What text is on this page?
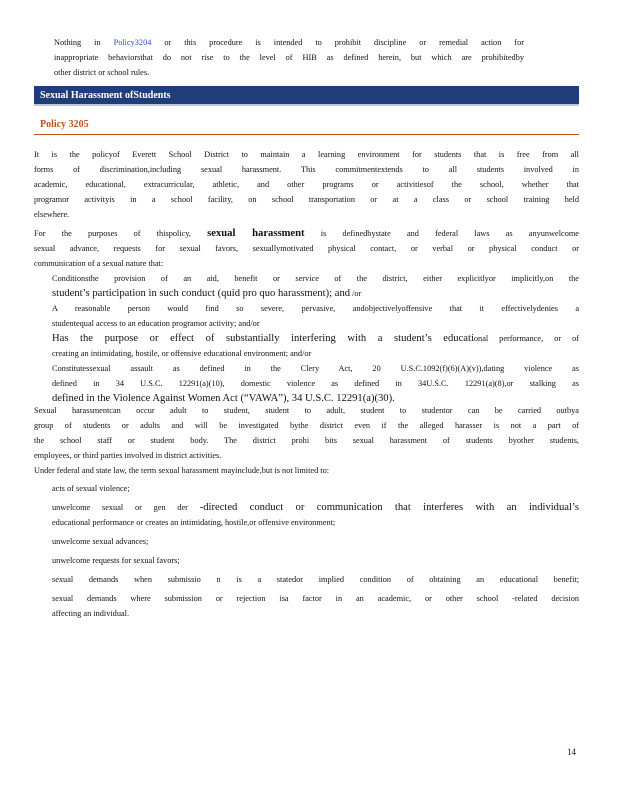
Nothing in Policy3204 or this procedure is intended to prohibit discipline or remedial action for

inappropriate behaviorsthat do not rise to the level of HIB as defined herein, but which are prohibitedby

other district or school rules.

Sexual Harassment ofStudents
Policy 3205

It is the policyof Everett School District to maintain a learning environment for students that is free from all

forms of discrimination,including sexual harassment. This commitmentextends to all students involved in

academic, educational, extracurricular, athletic, and other programs or activitiesof the school, whether that

programor activityis in a school facility, on school transportation or at a class or school training held

elsewhere.

For the purposes of thispolicy, sexual harassment is definedbystate and federal laws as anyunwelcome

sexual advance, requests for sexual favors, sexuallymotivated physical contact, or verbal or physical conduct or

communication of a sexual nature that:

Conditionsthe provision of an aid, benefit or service of the district, either explicitlyor implicitly,on the

student’s participation in such conduct (quid pro quo harassment); and /or

A reasonable person would find so severe, pervasive, andobjectivelyoffensive that it effectivelydenies a

studentequal access to an education programor activity; and/or

Has the purpose or effect of substantially interfering with a student’s educational performance, or of

creating an intimidating, hostile, or offensive educational environment; and/or

Constitutessexual assault as defined in the Clery Act, 20 U.S.C.1092(f)(6)(A)(v)),dating violence as

defined in 34 U.S.C. 12291(a)(10), domestic violence as defined in 34U.S.C. 12291(a)(8),or stalking as

defined in the Violence Against Women Act (“VAWA”), 34 U.S.C. 12291(a)(30).

Sexual harassmentcan occur adult to student, student to adult, student to studentor can be carried outbya

group of students or adults and will be investigated bythe district even if the alleged harasser is not a part of

the school staff or student body. The district prohi bits sexual harassment of students byother students,

employees, or third parties involved in district activities.

Under federal and state law, the term sexual harassment mayinclude,but is not limited to:

acts of sexual violence;

unwelcome sexual or gen der -directed conduct or communication that interferes with an individual’s

educational performance or creates an intimidating, hostile,or offensive environment;

unwelcome sexual advances;

unwelcome requests for sexual favors;

sexual demands when submissio n is a statedor implied condition of obtaining an educational benefit;

sexual demands where submission or rejection isa factor in an academic, or other school -related decision

affecting an individual.

14
